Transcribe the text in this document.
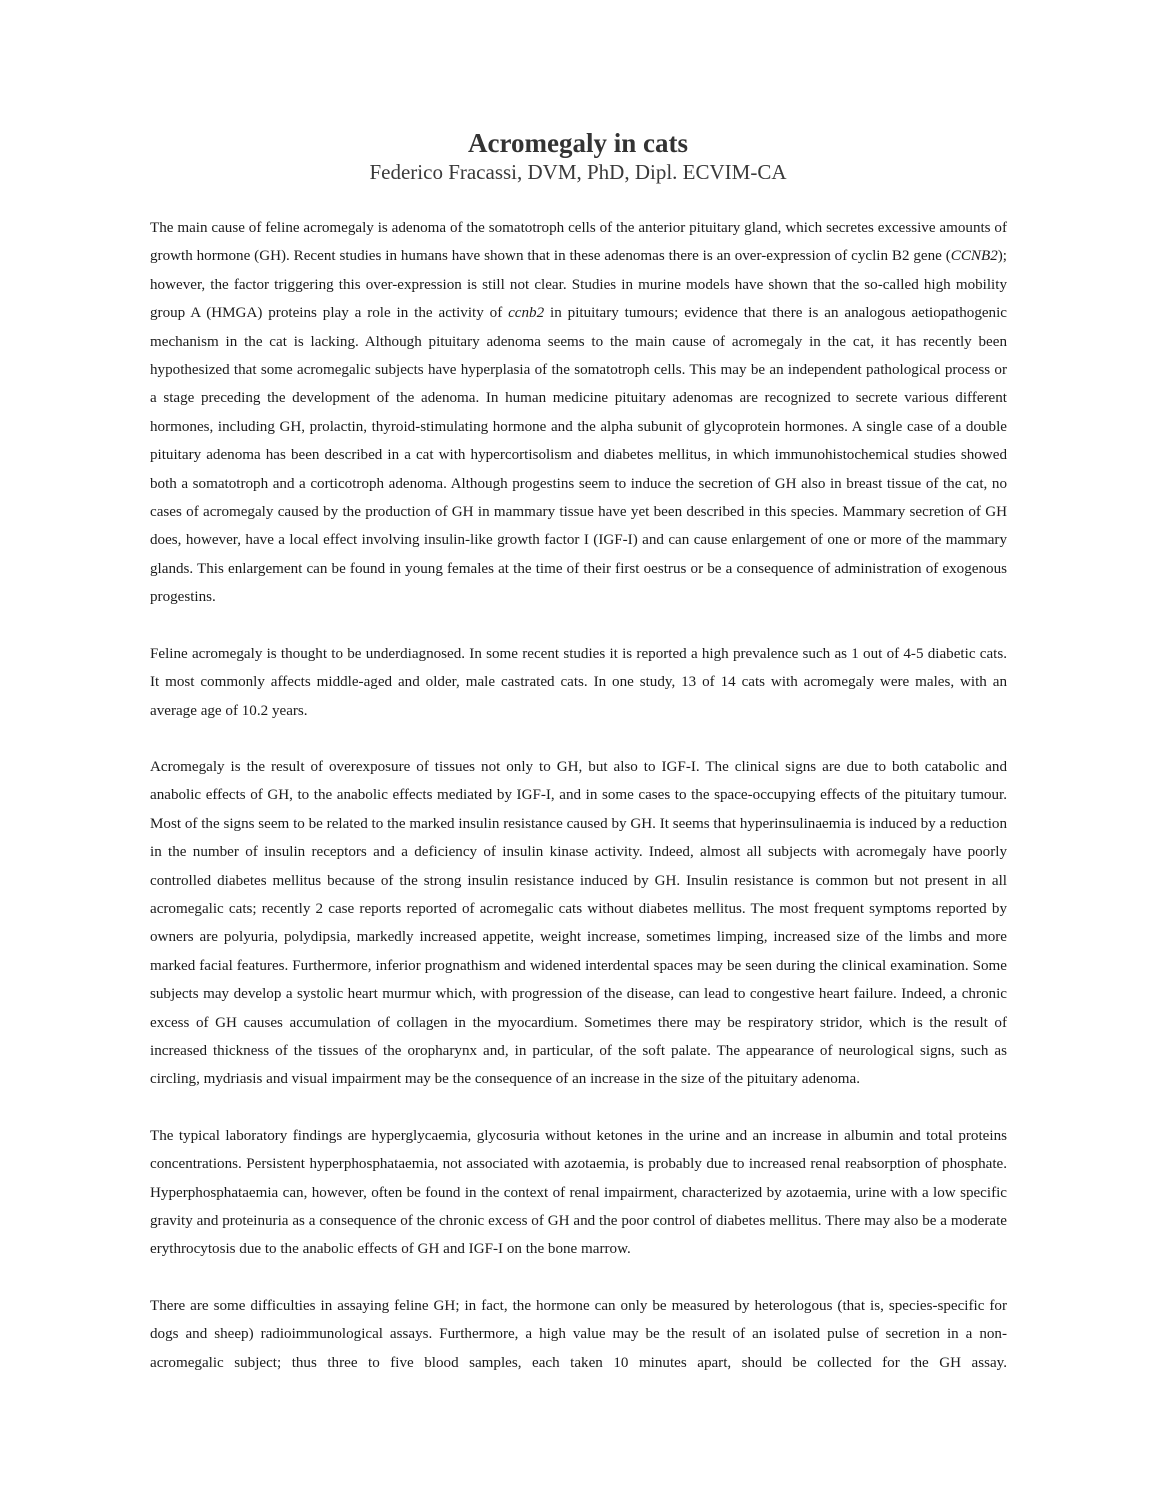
Acromegaly in cats
Federico Fracassi, DVM, PhD, Dipl. ECVIM-CA

The main cause of feline acromegaly is adenoma of the somatotroph cells of the anterior pituitary gland, which secretes excessive amounts of growth hormone (GH). Recent studies in humans have shown that in these adenomas there is an over-expression of cyclin B2 gene (CCNB2); however, the factor triggering this over-expression is still not clear. Studies in murine models have shown that the so-called high mobility group A (HMGA) proteins play a role in the activity of ccnb2 in pituitary tumours; evidence that there is an analogous aetiopathogenic mechanism in the cat is lacking. Although pituitary adenoma seems to the main cause of acromegaly in the cat, it has recently been hypothesized that some acromegalic subjects have hyperplasia of the somatotroph cells. This may be an independent pathological process or a stage preceding the development of the adenoma. In human medicine pituitary adenomas are recognized to secrete various different hormones, including GH, prolactin, thyroid-stimulating hormone and the alpha subunit of glycoprotein hormones. A single case of a double pituitary adenoma has been described in a cat with hypercortisolism and diabetes mellitus, in which immunohistochemical studies showed both a somatotroph and a corticotroph adenoma. Although progestins seem to induce the secretion of GH also in breast tissue of the cat, no cases of acromegaly caused by the production of GH in mammary tissue have yet been described in this species. Mammary secretion of GH does, however, have a local effect involving insulin-like growth factor I (IGF-I) and can cause enlargement of one or more of the mammary glands. This enlargement can be found in young females at the time of their first oestrus or be a consequence of administration of exogenous progestins.

Feline acromegaly is thought to be underdiagnosed. In some recent studies it is reported a high prevalence such as 1 out of 4-5 diabetic cats. It most commonly affects middle-aged and older, male castrated cats. In one study, 13 of 14 cats with acromegaly were males, with an average age of 10.2 years.

Acromegaly is the result of overexposure of tissues not only to GH, but also to IGF-I. The clinical signs are due to both catabolic and anabolic effects of GH, to the anabolic effects mediated by IGF-I, and in some cases to the space-occupying effects of the pituitary tumour. Most of the signs seem to be related to the marked insulin resistance caused by GH. It seems that hyperinsulinaemia is induced by a reduction in the number of insulin receptors and a deficiency of insulin kinase activity. Indeed, almost all subjects with acromegaly have poorly controlled diabetes mellitus because of the strong insulin resistance induced by GH. Insulin resistance is common but not present in all acromegalic cats; recently 2 case reports reported of acromegalic cats without diabetes mellitus. The most frequent symptoms reported by owners are polyuria, polydipsia, markedly increased appetite, weight increase, sometimes limping, increased size of the limbs and more marked facial features. Furthermore, inferior prognathism and widened interdental spaces may be seen during the clinical examination. Some subjects may develop a systolic heart murmur which, with progression of the disease, can lead to congestive heart failure. Indeed, a chronic excess of GH causes accumulation of collagen in the myocardium. Sometimes there may be respiratory stridor, which is the result of increased thickness of the tissues of the oropharynx and, in particular, of the soft palate. The appearance of neurological signs, such as circling, mydriasis and visual impairment may be the consequence of an increase in the size of the pituitary adenoma.

The typical laboratory findings are hyperglycaemia, glycosuria without ketones in the urine and an increase in albumin and total proteins concentrations. Persistent hyperphosphataemia, not associated with azotaemia, is probably due to increased renal reabsorption of phosphate. Hyperphosphataemia can, however, often be found in the context of renal impairment, characterized by azotaemia, urine with a low specific gravity and proteinuria as a consequence of the chronic excess of GH and the poor control of diabetes mellitus. There may also be a moderate erythrocytosis due to the anabolic effects of GH and IGF-I on the bone marrow.

There are some difficulties in assaying feline GH; in fact, the hormone can only be measured by heterologous (that is, species-specific for dogs and sheep) radioimmunological assays. Furthermore, a high value may be the result of an isolated pulse of secretion in a non-acromegalic subject; thus three to five blood samples, each taken 10 minutes apart, should be collected for the GH assay.
